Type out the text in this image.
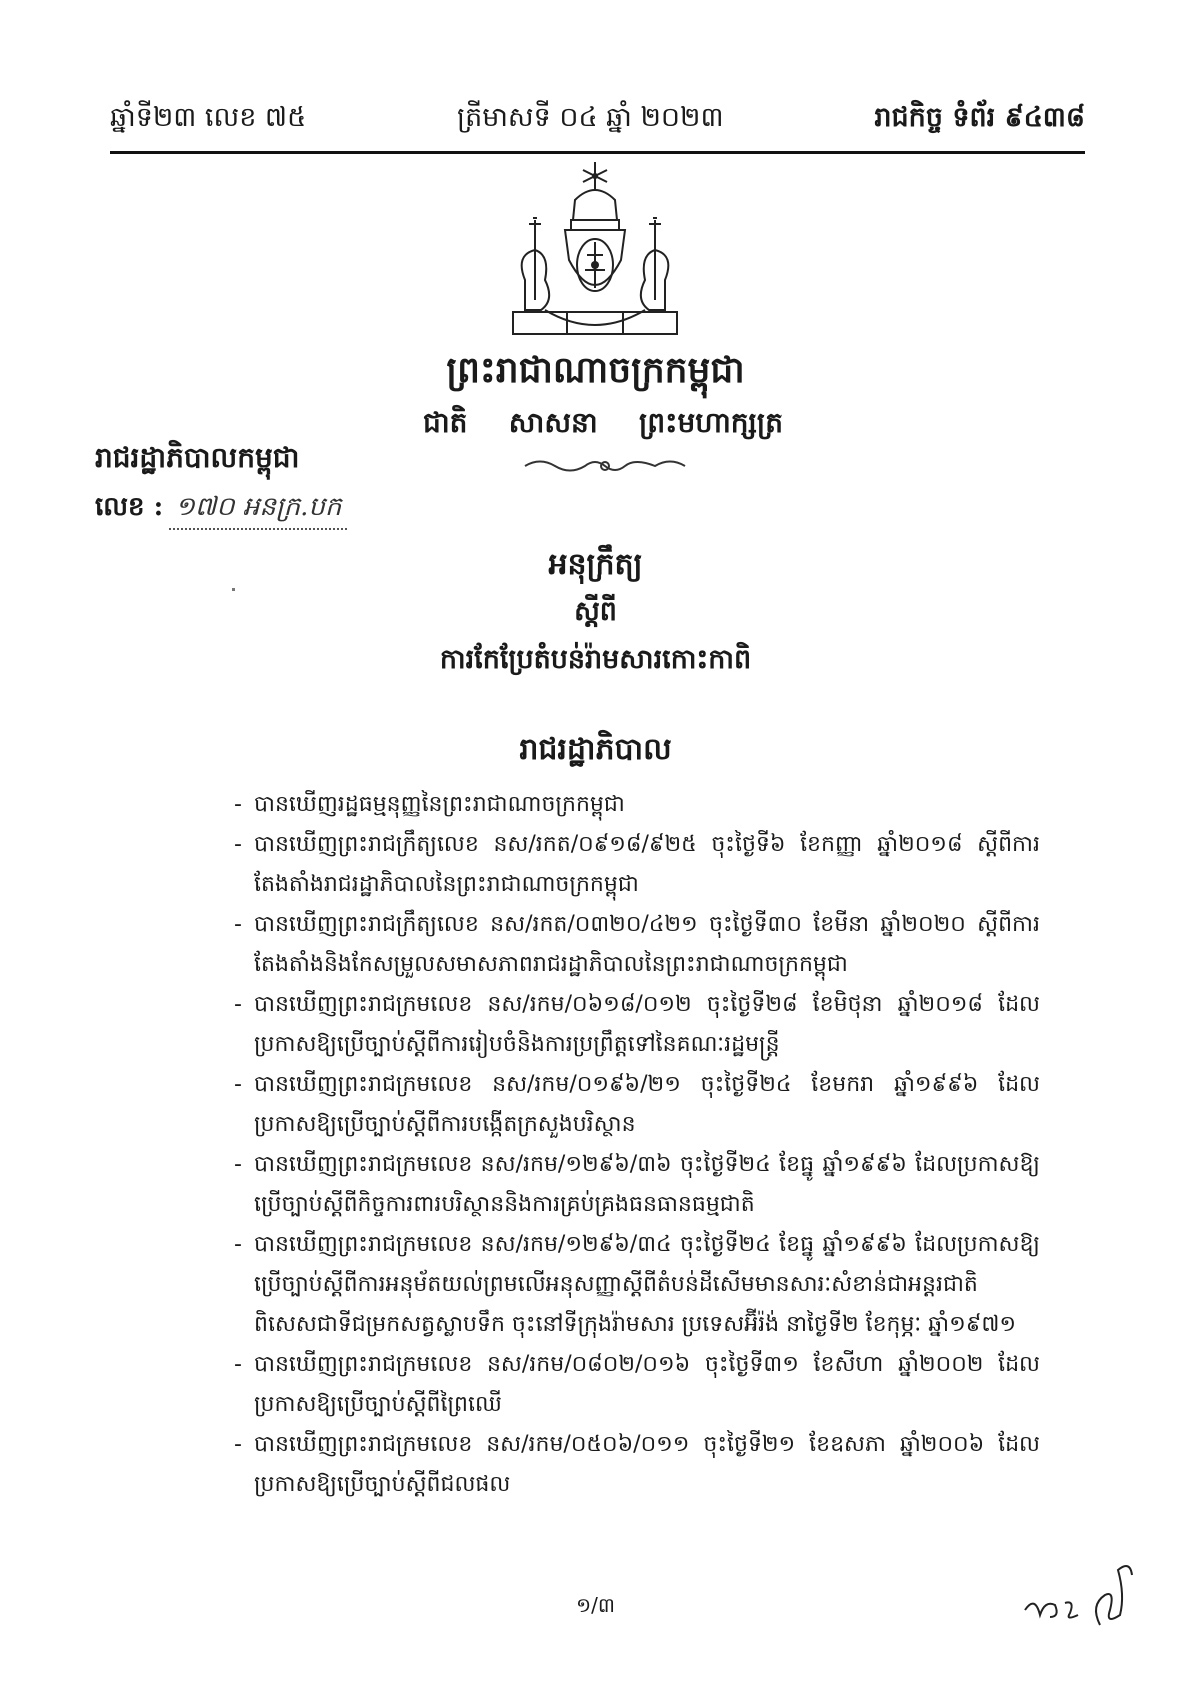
ឆ្នាំទី២៣ លេខ ៧៥	ត្រីមាសទី ០៤ ឆ្នាំ ២០២៣	រាជកិច្ច ទំព័រ ៩៤៣៨
ព្រះរាជាណាចក្រកម្ពុជា
ជាតិ សាសនា ព្រះមហាក្សត្រ
រាជរដ្ឋាភិបាលកម្ពុជា
លេខ : ១៧០ អនក្រ.បក
អនុក្រឹត្យ
ស្តីពី
ការកែប្រែតំបន់រ៉ាមសារកោះកាពិ
រាជរដ្ឋាភិបាល
- បានឃើញរដ្ឋធម្មនុញ្ញនៃព្រះរាជាណាចក្រកម្ពុជា
- បានឃើញព្រះរាជក្រឹត្យលេខ នស/រកត/០៩១៨/៩២៥ ចុះថ្ងៃទី៦ ខែកញ្ញា ឆ្នាំ២០១៨ ស្តីពីការតែងតាំងរាជរដ្ឋាភិបាលនៃព្រះរាជាណាចក្រកម្ពុជា
- បានឃើញព្រះរាជក្រឹត្យលេខ នស/រកត/០៣២០/៤២១ ចុះថ្ងៃទី៣០ ខែមីនា ឆ្នាំ២០២០ ស្តីពីការតែងតាំងនិងកែសម្រួលសមាសភាពរាជរដ្ឋាភិបាលនៃព្រះរាជាណាចក្រកម្ពុជា
- បានឃើញព្រះរាជក្រមលេខ នស/រកម/០៦១៨/០១២ ចុះថ្ងៃទី២៨ ខែមិថុនា ឆ្នាំ២០១៨ ដែលប្រកាសឱ្យប្រើច្បាប់ស្តីពីការរៀបចំនិងការប្រព្រឹត្តទៅនៃគណៈរដ្ឋមន្ត្រី
- បានឃើញព្រះរាជក្រមលេខ នស/រកម/០១៩៦/២១ ចុះថ្ងៃទី២៤ ខែមករា ឆ្នាំ១៩៩៦ ដែលប្រកាសឱ្យប្រើច្បាប់ស្តីពីការបង្កើតក្រសួងបរិស្ថាន
- បានឃើញព្រះរាជក្រមលេខ នស/រកម/១២៩៦/៣៦ ចុះថ្ងៃទី២៤ ខែធ្នូ ឆ្នាំ១៩៩៦ ដែលប្រកាសឱ្យប្រើច្បាប់ស្តីពីកិច្ចការពារបរិស្ថាននិងការគ្រប់គ្រងធនធានធម្មជាតិ
- បានឃើញព្រះរាជក្រមលេខ នស/រកម/១២៩៦/៣៤ ចុះថ្ងៃទី២៤ ខែធ្នូ ឆ្នាំ១៩៩៦ ដែលប្រកាសឱ្យប្រើច្បាប់ស្តីពីការអនុម័តយល់ព្រមលើអនុសញ្ញាស្តីពីតំបន់ដីសើមមានសារៈសំខាន់ជាអន្តរជាតិពិសេសជាទីជម្រកសត្វស្លាបទឹក ចុះនៅទីក្រុងរ៉ាមសារ ប្រទេសអ៊ីរ៉ង់ នាថ្ងៃទី២ ខែកុម្ភៈ ឆ្នាំ១៩៧១
- បានឃើញព្រះរាជក្រមលេខ នស/រកម/០៨០២/០១៦ ចុះថ្ងៃទី៣១ ខែសីហា ឆ្នាំ២០០២ ដែលប្រកាសឱ្យប្រើច្បាប់ស្តីពីព្រៃឈើ
- បានឃើញព្រះរាជក្រមលេខ នស/រកម/០៥០៦/០១១ ចុះថ្ងៃទី២១ ខែឧសភា ឆ្នាំ២០០៦ ដែលប្រកាសឱ្យប្រើច្បាប់ស្តីពីជលផល
១/៣
